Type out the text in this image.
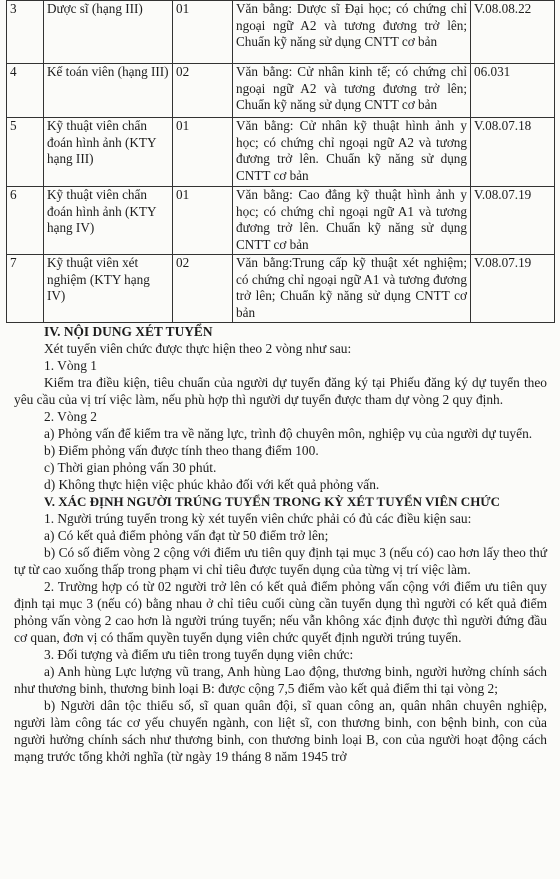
3	Dược sĩ (hạng III)	01	Văn bằng: Dược sĩ Đại học; có chứng chỉ ngoại ngữ A2 và tương đương trở lên; Chuẩn kỹ năng sử dụng CNTT cơ bản	V.08.08.22
4	Kế toán viên (hạng III)	02	Văn bằng: Cử nhân kinh tế; có chứng chỉ ngoại ngữ A2 và tương đương trở lên; Chuẩn kỹ năng sử dụng CNTT cơ bản	06.031
5	Kỹ thuật viên chẩn đoán hình ảnh (KTY hạng III)	01	Văn bằng: Cử nhân kỹ thuật hình ảnh y học; có chứng chỉ ngoại ngữ A2 và tương đương trở lên. Chuẩn kỹ năng sử dụng CNTT cơ bản	V.08.07.18
6	Kỹ thuật viên chẩn đoán hình ảnh (KTY hạng IV)	01	Văn bằng: Cao đẳng kỹ thuật hình ảnh y học; có chứng chỉ ngoại ngữ A1 và tương đương trở lên. Chuẩn kỹ năng sử dụng CNTT cơ bản	V.08.07.19
7	Kỹ thuật viên xét nghiệm (KTY hạng IV)	02	Văn bằng:Trung cấp kỹ thuật xét nghiệm; có chứng chỉ ngoại ngữ A1 và tương đương trở lên; Chuẩn kỹ năng sử dụng CNTT cơ bản	V.08.07.19

IV. NỘI DUNG XÉT TUYỂN

Xét tuyển viên chức được thực hiện theo 2 vòng như sau:

1. Vòng 1

Kiểm tra điều kiện, tiêu chuẩn của người dự tuyển đăng ký tại Phiếu đăng ký dự tuyển theo yêu cầu của vị trí việc làm, nếu phù hợp thì người dự tuyển được tham dự vòng 2 quy định.

2. Vòng 2

a) Phỏng vấn để kiểm tra về năng lực, trình độ chuyên môn, nghiệp vụ của người dự tuyển.

b) Điểm phỏng vấn được tính theo thang điểm 100.

c) Thời gian phỏng vấn 30 phút.

d) Không thực hiện việc phúc khảo đối với kết quả phỏng vấn.

V. XÁC ĐỊNH NGƯỜI TRÚNG TUYỂN TRONG KỲ XÉT TUYỂN VIÊN CHỨC

1. Người trúng tuyển trong kỳ xét tuyển viên chức phải có đủ các điều kiện sau:

a) Có kết quả điểm phỏng vấn đạt từ 50 điểm trở lên;

b) Có số điểm vòng 2 cộng với điểm ưu tiên quy định tại mục 3 (nếu có) cao hơn lấy theo thứ tự từ cao xuống thấp trong phạm vi chỉ tiêu được tuyển dụng của từng vị trí việc làm.

2. Trường hợp có từ 02 người trở lên có kết quả điểm phỏng vấn cộng với điểm ưu tiên quy định tại mục 3 (nếu có) bằng nhau ở chỉ tiêu cuối cùng cần tuyển dụng thì người có kết quả điểm phỏng vấn vòng 2 cao hơn là người trúng tuyển; nếu vẫn không xác định được thì người đứng đầu cơ quan, đơn vị có thẩm quyền tuyển dụng viên chức quyết định người trúng tuyển.

3. Đối tượng và điểm ưu tiên trong tuyển dụng viên chức:

a) Anh hùng Lực lượng vũ trang, Anh hùng Lao động, thương binh, người hưởng chính sách như thương binh, thương binh loại B: được cộng 7,5 điểm vào kết quả điểm thi tại vòng 2;

b) Người dân tộc thiểu số, sĩ quan quân đội, sĩ quan công an, quân nhân chuyên nghiệp, người làm công tác cơ yếu chuyển ngành, con liệt sĩ, con thương binh, con bệnh binh, con của người hưởng chính sách như thương binh, con thương binh loại B, con của người hoạt động cách mạng trước tổng khởi nghĩa (từ ngày 19 tháng 8 năm 1945 trở
